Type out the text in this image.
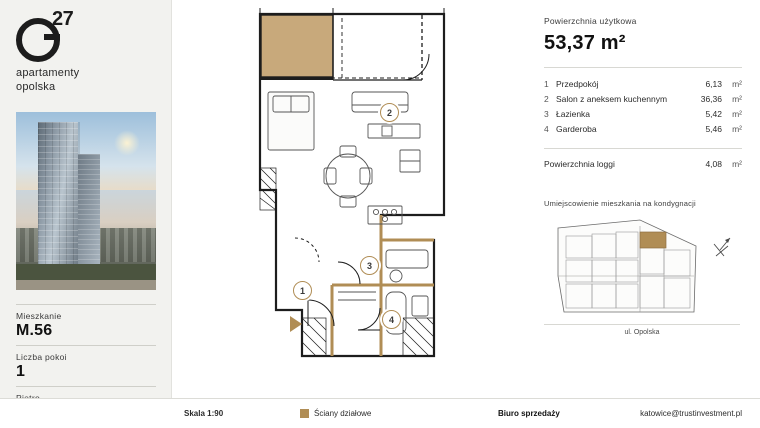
27
apartamenty
opolska
Mieszkanie
M.56
Liczba pokoi
1
2
3
1
4
Powierzchnia użytkowa
53,37 m²
1 Przedpokój	6,13	m²
2 Salon z aneksem kuchennym	36,36	m²
3 Łazienka	5,42	m²
4 Garderoba	5,46	m²
Powierzchnia loggi	4,08	m²
Umiejscowienie mieszkania na kondygnacji
ul. Opolska
Skala 1:90	Ściany działowe	Biuro sprzedaży	katowice@trustinvestment.pl
